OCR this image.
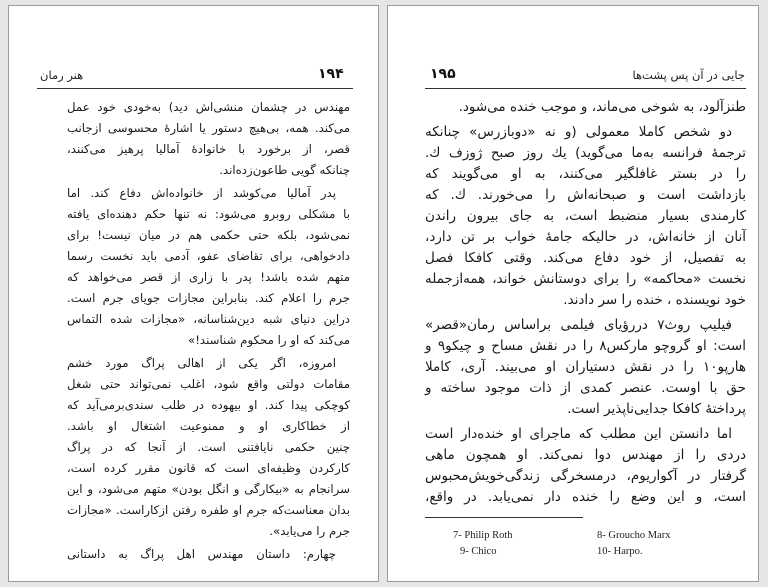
هنر رمان	۱۹۴
مهندس در چشمان منشی‌اش دید) به‌خودی خود عمل
می‌کند. همه، بی‌هیچ دستور یا اشارهٔ محسوسی ازجانب
قصر، از برخورد با خانوادهٔ آمالیا پرهیز می‌کنند،
چنانکه گویی طاعون‌زده‌اند.
پدر آمالیا می‌کوشد از خانواده‌اش دفاع کند. اما
با مشکلی روبرو می‌شود: نه تنها حکم دهنده‌ای یافته
نمی‌شود، بلکه حتی حکمی هم در میان نیست! برای
دادخواهی، برای تقاضای عفو، آدمی باید نخست رسما
متهم شده باشد! پدر با زاری از قصر می‌خواهد که
جرم را اعلام کند. بنابراین مجازات جویای جرم است.
دراین دنیای شبه دین‌شناسانه، «مجازات شده التماس
می‌کند که او را محکوم شناسند!»
امروزه، اگر یکی از اهالی پراگ مورد خشم
مقامات دولتی واقع شود، اغلب نمی‌تواند حتی شغل
کوچکی پیدا کند. او بیهوده در طلب سندی‌برمی‌آید که
از خطاکاری او و ممنوعیت اشتغال او باشد.
چنین حکمی نایافتنی است. از آنجا که در پراگ
کارکردن وظیفه‌ای است که قانون مقرر کرده است،
سرانجام به «بیکارگی و انگل بودن» متهم می‌شود، و این
بدان معناست‌که جرم او طفره رفتن ازکاراست. «مجازات
جرم را می‌یابد».
چهارم: داستان مهندس اهل پراگ به داستانی
۱۹۵	جایی در آن پس پشت‌ها
طنزآلود، به شوخی می‌ماند، و موجب خنده می‌شود.
دو شخص کاملا معمولی (و نه «دوبازرس» چنانکه
ترجمهٔ فرانسه به‌ما می‌گوید) یك روز صبح ژوزف ك.
را در بستر غافلگیر می‌کنند، به او می‌گویند که
بازداشت است و صبحانه‌اش را می‌خورند. ك. كه
کارمندی بسیار منضبط است، به جای بیرون راندن
آنان از خانه‌اش، در حالیکه جامهٔ خواب بر تن دارد،
به تفصیل، از خود دفاع می‌کند. وقتی کافکا فصل
نخست «محاکمه» را برای دوستانش خواند، همه‌ازجمله
خود نویسنده ، خنده را سر دادند.
فیلیپ روث۷ دررؤیای فیلمی براساس رمان«قصر»
است: او گروچو مارکس۸ را در نقش مساح و چیکو۹ و
هارپو۱۰ را در نقش دستیاران او می‌بیند. آری، کاملا
حق با اوست. عنصر کمدی از ذات موجود ساخته و
پرداختهٔ کافکا جدایی‌ناپذیر است.
اما دانستن این مطلب که ماجرای او خنده‌دار است
دردی را از مهندس دوا نمی‌کند. او همچون ماهی
گرفتار در آکواریوم، درمسخرگی زندگی‌خویش‌محبوس
است، و این وضع را خنده دار نمی‌یابد. در واقع،
7- Philip Roth	8- Groucho Marx
9- Chico	10- Harpo.
